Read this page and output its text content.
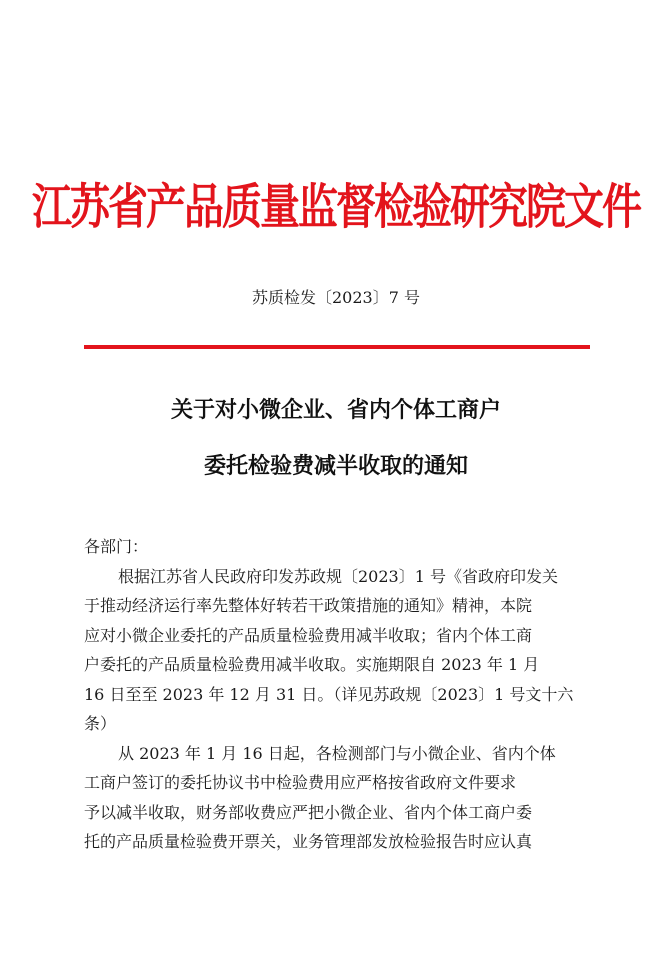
江苏省产品质量监督检验研究院文件
苏质检发〔2023〕7 号
关于对小微企业、省内个体工商户
委托检验费减半收取的通知

各部门：

根据江苏省人民政府印发苏政规〔2023〕1 号《省政府印发关

于推动经济运行率先整体好转若干政策措施的通知》精神，本院

应对小微企业委托的产品质量检验费用减半收取；省内个体工商

户委托的产品质量检验费用减半收取。实施期限自 2023 年 1 月

16 日至至 2023 年 12 月 31 日。（详见苏政规〔2023〕1 号文十六

条）

从 2023 年 1 月 16 日起，各检测部门与小微企业、省内个体

工商户签订的委托协议书中检验费用应严格按省政府文件要求

予以减半收取，财务部收费应严把小微企业、省内个体工商户委

托的产品质量检验费开票关，业务管理部发放检验报告时应认真
